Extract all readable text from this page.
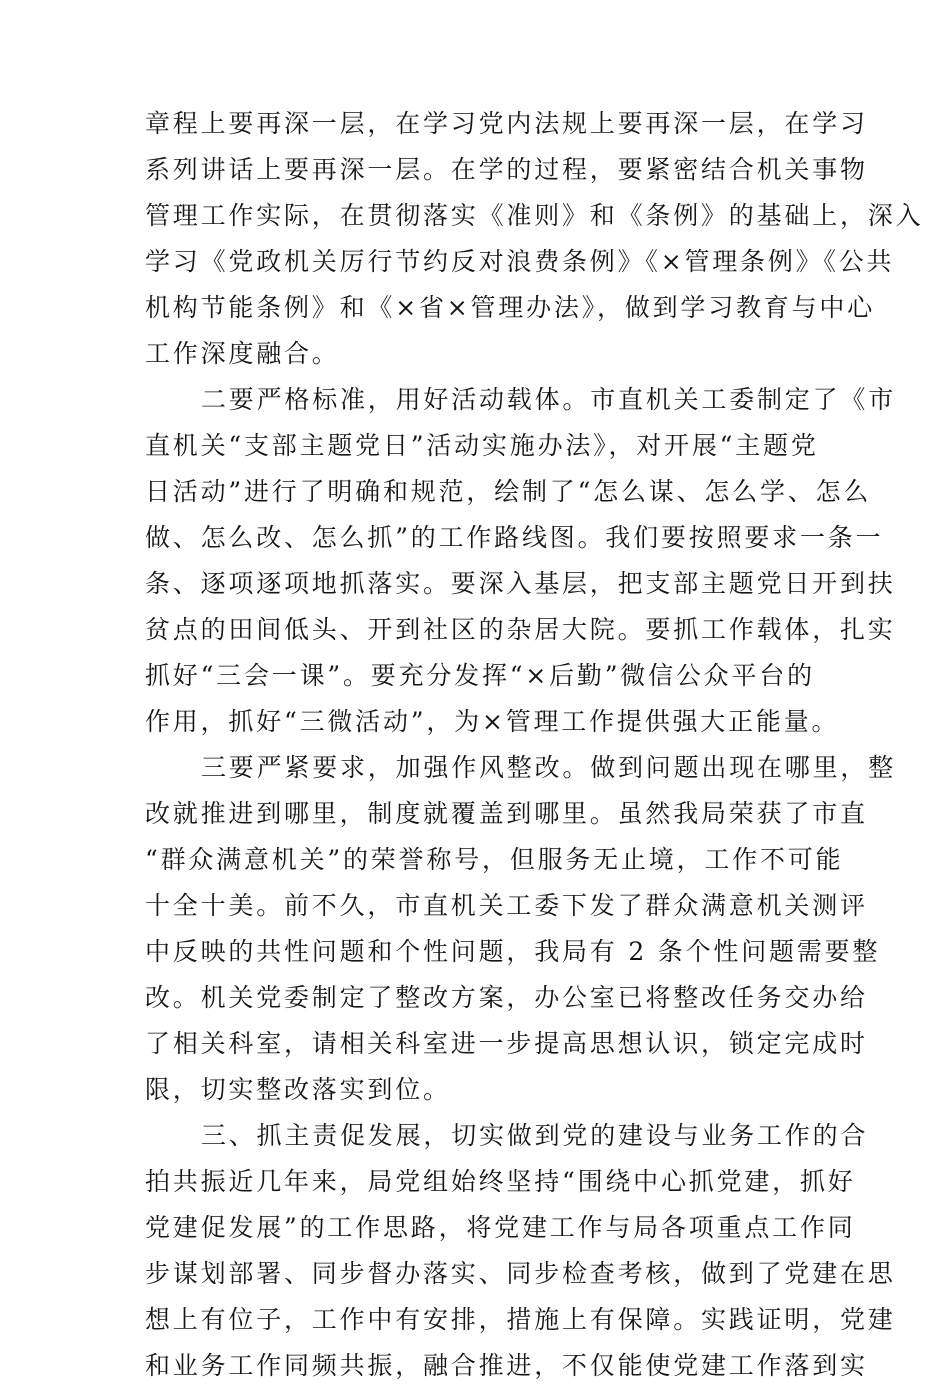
章程上要再深一层，在学习党内法规上要再深一层，在学习
系列讲话上要再深一层。在学的过程，要紧密结合机关事物
管理工作实际，在贯彻落实《准则》和《条例》的基础上，深入
学习《党政机关厉行节约反对浪费条例》《×管理条例》《公共
机构节能条例》和《×省×管理办法》，做到学习教育与中心
工作深度融合。
二要严格标准，用好活动载体。市直机关工委制定了《市
直机关“支部主题党日”活动实施办法》，对开展“主题党
日活动”进行了明确和规范，绘制了“怎么谋、怎么学、怎么
做、怎么改、怎么抓”的工作路线图。我们要按照要求一条一
条、逐项逐项地抓落实。要深入基层，把支部主题党日开到扶
贫点的田间低头、开到社区的杂居大院。要抓工作载体，扎实
抓好“三会一课”。要充分发挥“×后勤”微信公众平台的
作用，抓好“三微活动”，为×管理工作提供强大正能量。
三要严紧要求，加强作风整改。做到问题出现在哪里，整
改就推进到哪里，制度就覆盖到哪里。虽然我局荣获了市直
“群众满意机关”的荣誉称号，但服务无止境，工作不可能
十全十美。前不久，市直机关工委下发了群众满意机关测评
中反映的共性问题和个性问题，我局有 2 条个性问题需要整
改。机关党委制定了整改方案，办公室已将整改任务交办给
了相关科室，请相关科室进一步提高思想认识，锁定完成时
限，切实整改落实到位。
三、抓主责促发展，切实做到党的建设与业务工作的合
拍共振近几年来，局党组始终坚持“围绕中心抓党建，抓好
党建促发展”的工作思路，将党建工作与局各项重点工作同
步谋划部署、同步督办落实、同步检查考核，做到了党建在思
想上有位子，工作中有安排，措施上有保障。实践证明，党建
和业务工作同频共振，融合推进，不仅能使党建工作落到实
